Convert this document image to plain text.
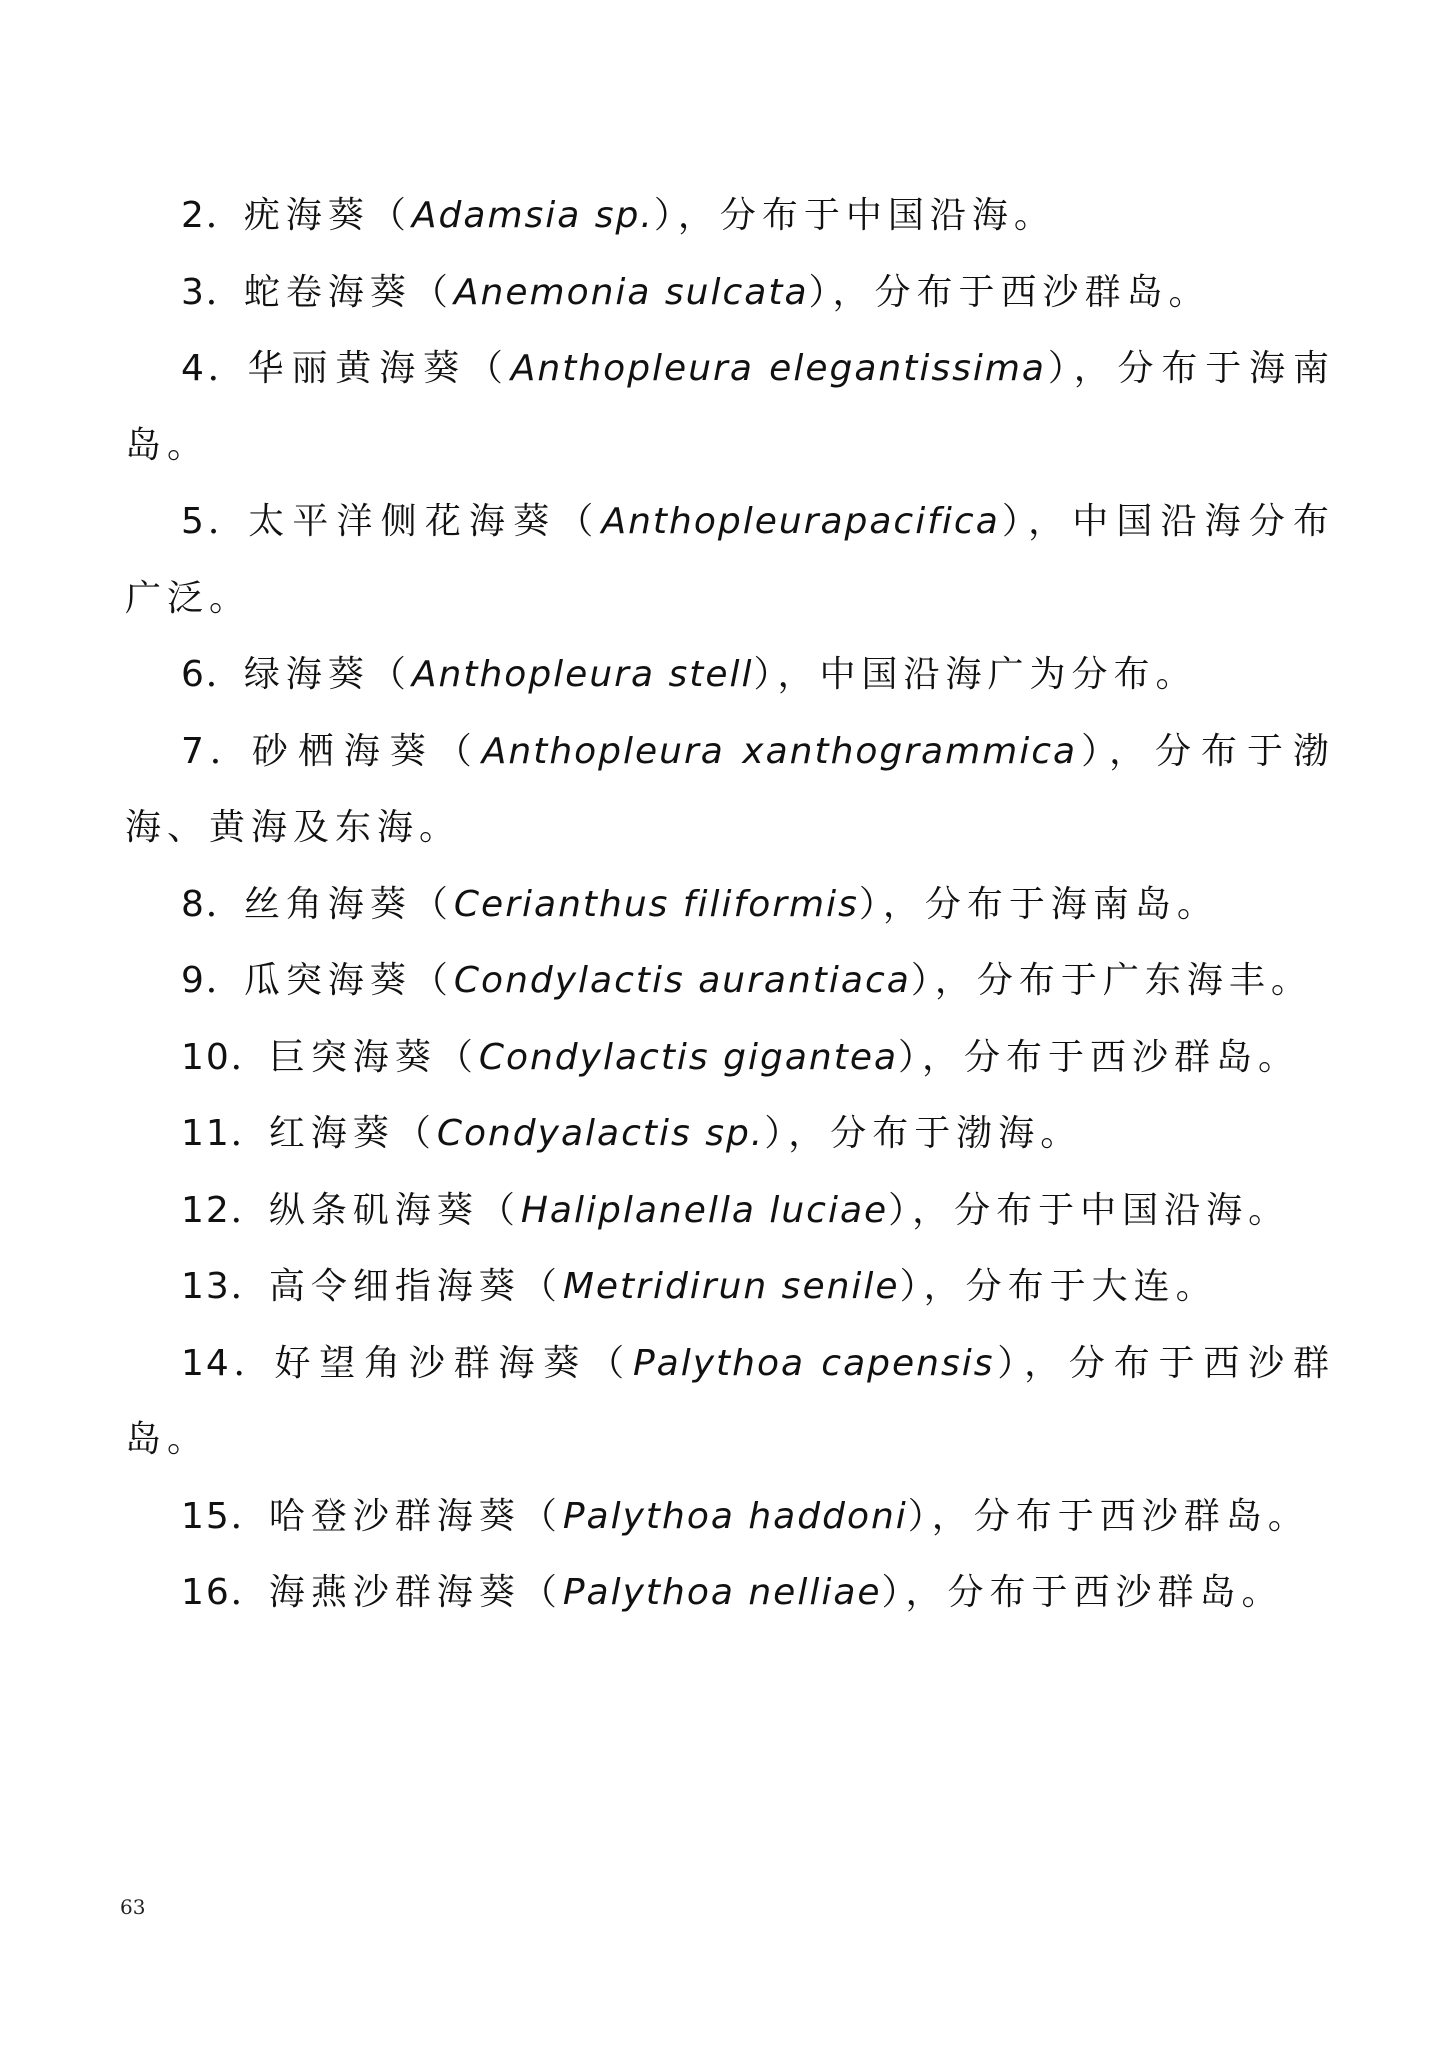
2．疣海葵（Adamsia sp.），分布于中国沿海。

3．蛇卷海葵（Anemonia sulcata），分布于西沙群岛。

4．华丽黄海葵（Anthopleura elegantissima），分布于海南岛。

5．太平洋侧花海葵（Anthopleurapacifica），中国沿海分布广泛。

6．绿海葵（Anthopleura stell），中国沿海广为分布。

7．砂栖海葵（Anthopleura xanthogrammica），分布于渤海、黄海及东海。

8．丝角海葵（Cerianthus filiformis），分布于海南岛。

9．瓜突海葵（Condylactis aurantiaca），分布于广东海丰。

10．巨突海葵（Condylactis gigantea），分布于西沙群岛。

11．红海葵（Condyalactis sp.），分布于渤海。

12．纵条矶海葵（Haliplanella luciae），分布于中国沿海。

13．高令细指海葵（Metridirun senile），分布于大连。

14．好望角沙群海葵（Palythoa capensis），分布于西沙群岛。

15．哈登沙群海葵（Palythoa haddoni），分布于西沙群岛。

16．海燕沙群海葵（Palythoa nelliae），分布于西沙群岛。

63
